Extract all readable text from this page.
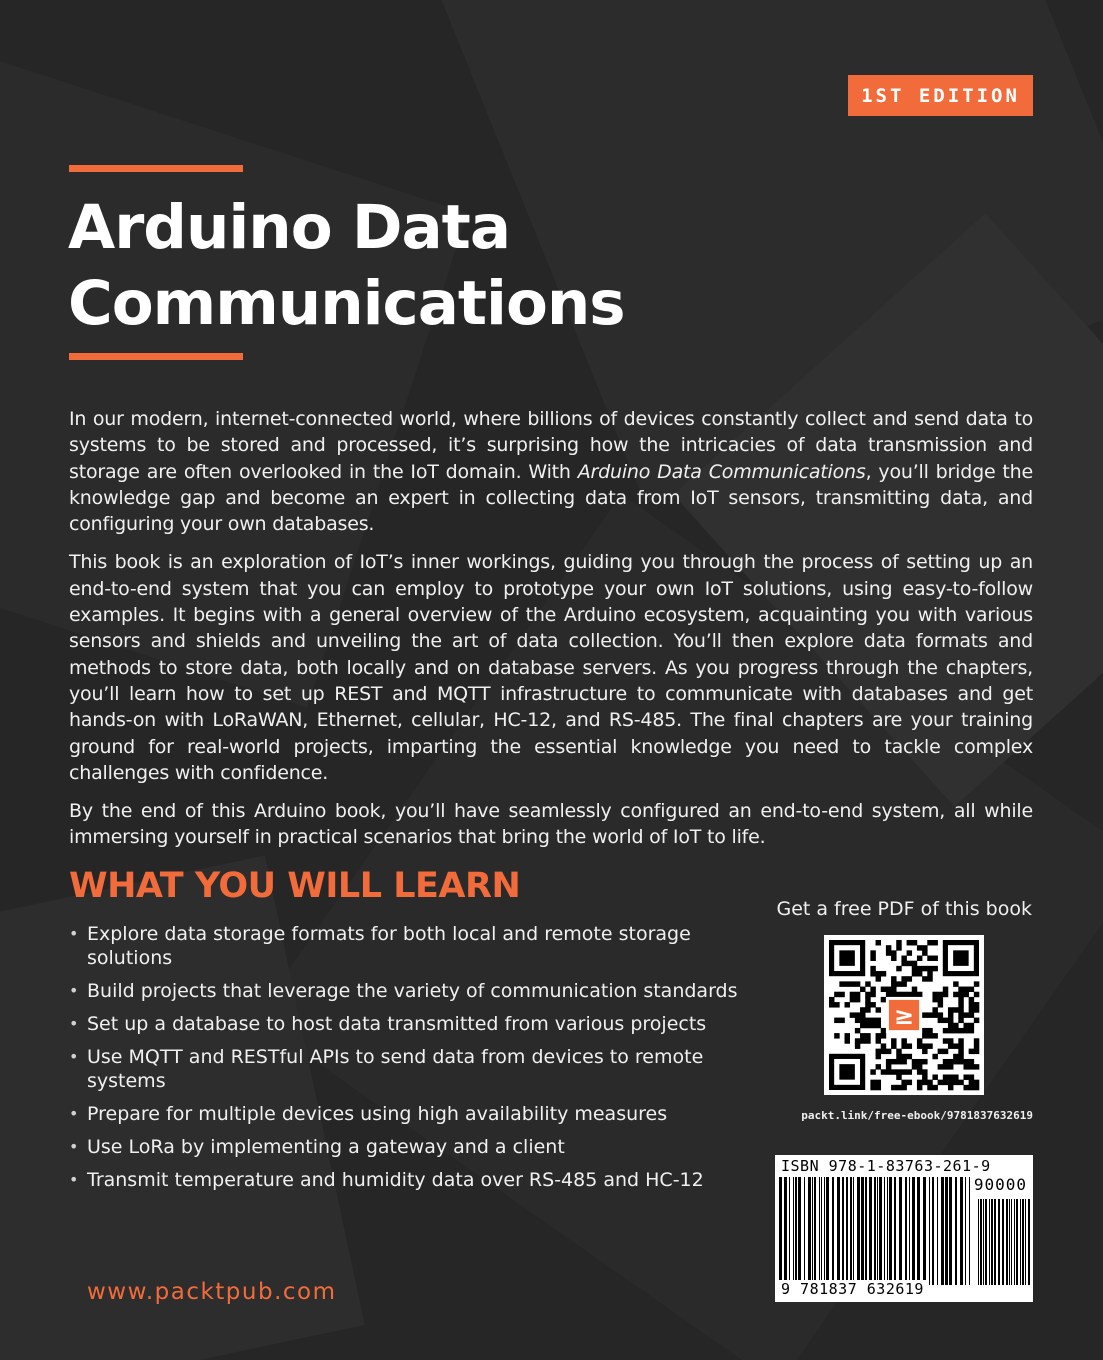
1ST EDITION
Arduino Data
Communications

In our modern, internet-connected world, where billions of devices constantly collect and send data to systems to be stored and processed, it’s surprising how the intricacies of data transmission and storage are often overlooked in the IoT domain. With Arduino Data Communications, you’ll bridge the knowledge gap and become an expert in collecting data from IoT sensors, transmitting data, and configuring your own databases.

This book is an exploration of IoT’s inner workings, guiding you through the process of setting up an end-to-end system that you can employ to prototype your own IoT solutions, using easy-to-follow examples. It begins with a general overview of the Arduino ecosystem, acquainting you with various sensors and shields and unveiling the art of data collection. You’ll then explore data formats and methods to store data, both locally and on database servers. As you progress through the chapters, you’ll learn how to set up REST and MQTT infrastructure to communicate with databases and get hands-on with LoRaWAN, Ethernet, cellular, HC-12, and RS-485. The final chapters are your training ground for real-world projects, imparting the essential knowledge you need to tackle complex challenges with confidence.

By the end of this Arduino book, you’ll have seamlessly configured an end-to-end system, all while immersing yourself in practical scenarios that bring the world of IoT to life.

WHAT YOU WILL LEARN
• Explore data storage formats for both local and remote storage solutions
• Build projects that leverage the variety of communication standards
• Set up a database to host data transmitted from various projects
• Use MQTT and RESTful APIs to send data from devices to remote systems
• Prepare for multiple devices using high availability measures
• Use LoRa by implementing a gateway and a client
• Transmit temperature and humidity data over RS-485 and HC-12
www.packtpub.com
Get a free PDF of this book
≥
packt.link/free-ebook/9781837632619
ISBN 978-1-83763-261-9
90000
9 781837 632619
